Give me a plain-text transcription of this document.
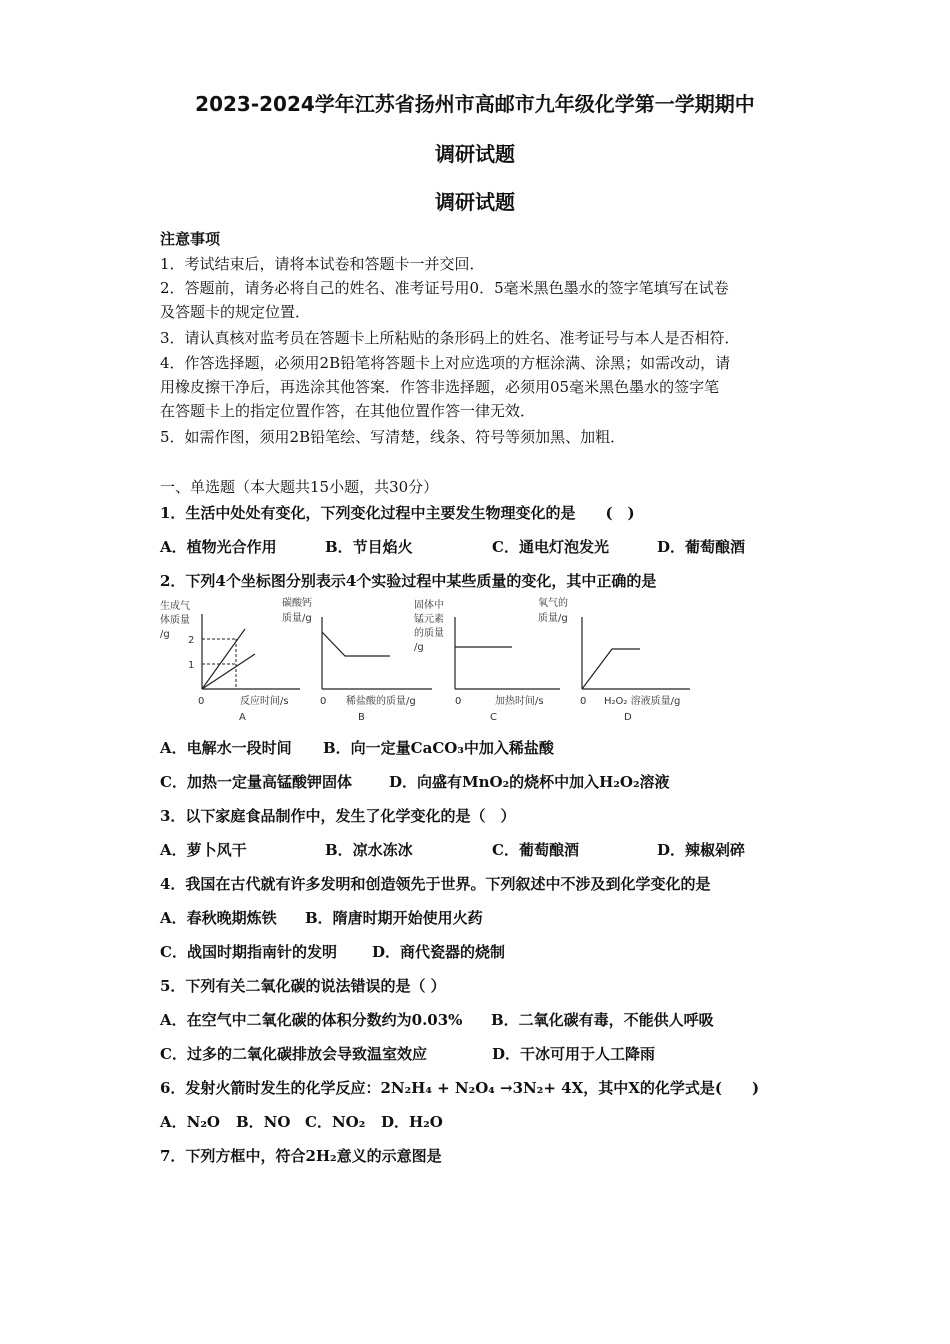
2023-2024学年江苏省扬州市高邮市九年级化学第一学期期中
调研试题
调研试题
注意事项
1．考试结束后，请将本试卷和答题卡一并交回．
2．答题前，请务必将自己的姓名、准考证号用0．5毫米黑色墨水的签字笔填写在试卷
及答题卡的规定位置．
3．请认真核对监考员在答题卡上所粘贴的条形码上的姓名、准考证号与本人是否相符．
4．作答选择题，必须用2B铅笔将答题卡上对应选项的方框涂满、涂黑；如需改动，请
用橡皮擦干净后，再选涂其他答案．作答非选择题，必须用05毫米黑色墨水的签字笔
在答题卡上的指定位置作答，在其他位置作答一律无效．
5．如需作图，须用2B铅笔绘、写清楚，线条、符号等须加黑、加粗．
一、单选题（本大题共15小题，共30分）
1．生活中处处有变化，下列变化过程中主要发生物理变化的是　　(　)
A．植物光合作用	B．节目焰火	C．通电灯泡发光	D．葡萄酿酒
2．下列4个坐标图分别表示4个实验过程中某些质量的变化，其中正确的是
生成气
体质量
/g
2
1
0	反应时间/s
A
碳酸钙
质量/g
0 稀盐酸的质量/g
B
固体中
锰元素
的质量
/g
0	加热时间/s
C
氧气的
质量/g
0 H₂O₂ 溶液质量/g
D
A．电解水一段时间 B．向一定量CaCO₃中加入稀盐酸
C．加热一定量高锰酸钾固体 D．向盛有MnO₂的烧杯中加入H₂O₂溶液
3．以下家庭食品制作中，发生了化学变化的是（　）
A．萝卜风干	B．凉水冻冰	C．葡萄酿酒	D．辣椒剁碎
4．我国在古代就有许多发明和创造领先于世界。下列叙述中不涉及到化学变化的是
A．春秋晚期炼铁 B．隋唐时期开始使用火药
C．战国时期指南针的发明 D．商代瓷器的烧制
5．下列有关二氧化碳的说法错误的是（ ）
A．在空气中二氧化碳的体积分数约为0.03% B．二氧化碳有毒，不能供人呼吸
C．过多的二氧化碳排放会导致温室效应	D．干冰可用于人工降雨
6．发射火箭时发生的化学反应：2N₂H₄ + N₂O₄ →3N₂+ 4X，其中X的化学式是(　　)
A．N₂O B．NO C．NO₂ D．H₂O
7．下列方框中，符合2H₂意义的示意图是
